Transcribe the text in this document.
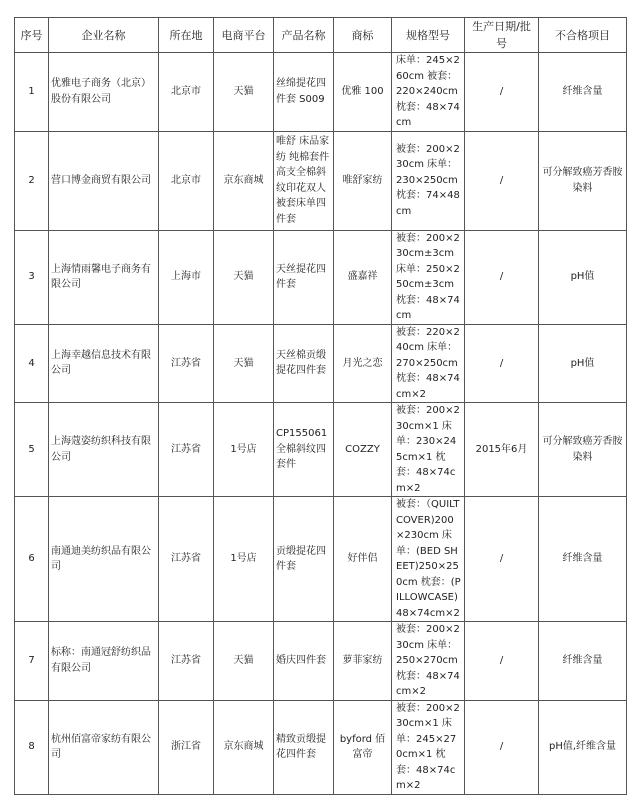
序号	企业名称	所在地	电商平台	产品名称	商标	规格型号	生产日期/批号	不合格项目
1	优雅电子商务（北京）股份有限公司	北京市	天猫	丝绵提花四件套 S009	优雅 100	床单：245×260cm 被套：220×240cm 枕套：48×74cm	/	纤维含量
2	营口博金商贸有限公司	北京市	京东商城	唯舒 床品家纺 纯棉套件 高支全棉斜纹印花双人被套床单四件套	唯舒家纺	被套：200×230cm 床单：230×250cm 枕套：74×48cm	/	可分解致癌芳香胺染料
3	上海情雨馨电子商务有限公司	上海市	天猫	天丝提花四件套	盛嘉祥	被套：200×230cm±3cm 床单：250×250cm±3cm 枕套：48×74cm	/	pH值
4	上海幸越信息技术有限公司	江苏省	天猫	天丝棉贡缎提花四件套	月光之恋	被套：220×240cm 床单：270×250cm 枕套：48×74cm×2	/	pH值
5	上海蔻姿纺织科技有限公司	江苏省	1号店	CP155061 全棉斜纹四套件	COZZY	被套：200×230cm×1 床单：230×245cm×1 枕套：48×74cm×2	2015年6月	可分解致癌芳香胺染料
6	南通迪美纺织品有限公司	江苏省	1号店	贡缎提花四件套	好伴侣	被套：（QUILT COVER)200×230cm 床单：(BED SHEET)250×250cm 枕套：(PILLOWCASE)48×74cm×2	/	纤维含量
7	标称：南通冠舒纺织品有限公司	江苏省	天猫	婚庆四件套	萝菲家纺	被套：200×230cm 床单：250×270cm 枕套：48×74cm×2	/	纤维含量
8	杭州佰富帝家纺有限公司	浙江省	京东商城	精致贡缎提花四件套	byford 佰富帝	被套：200×230cm×1 床单：245×270cm×1 枕套：48×74cm×2	/	pH值,纤维含量
